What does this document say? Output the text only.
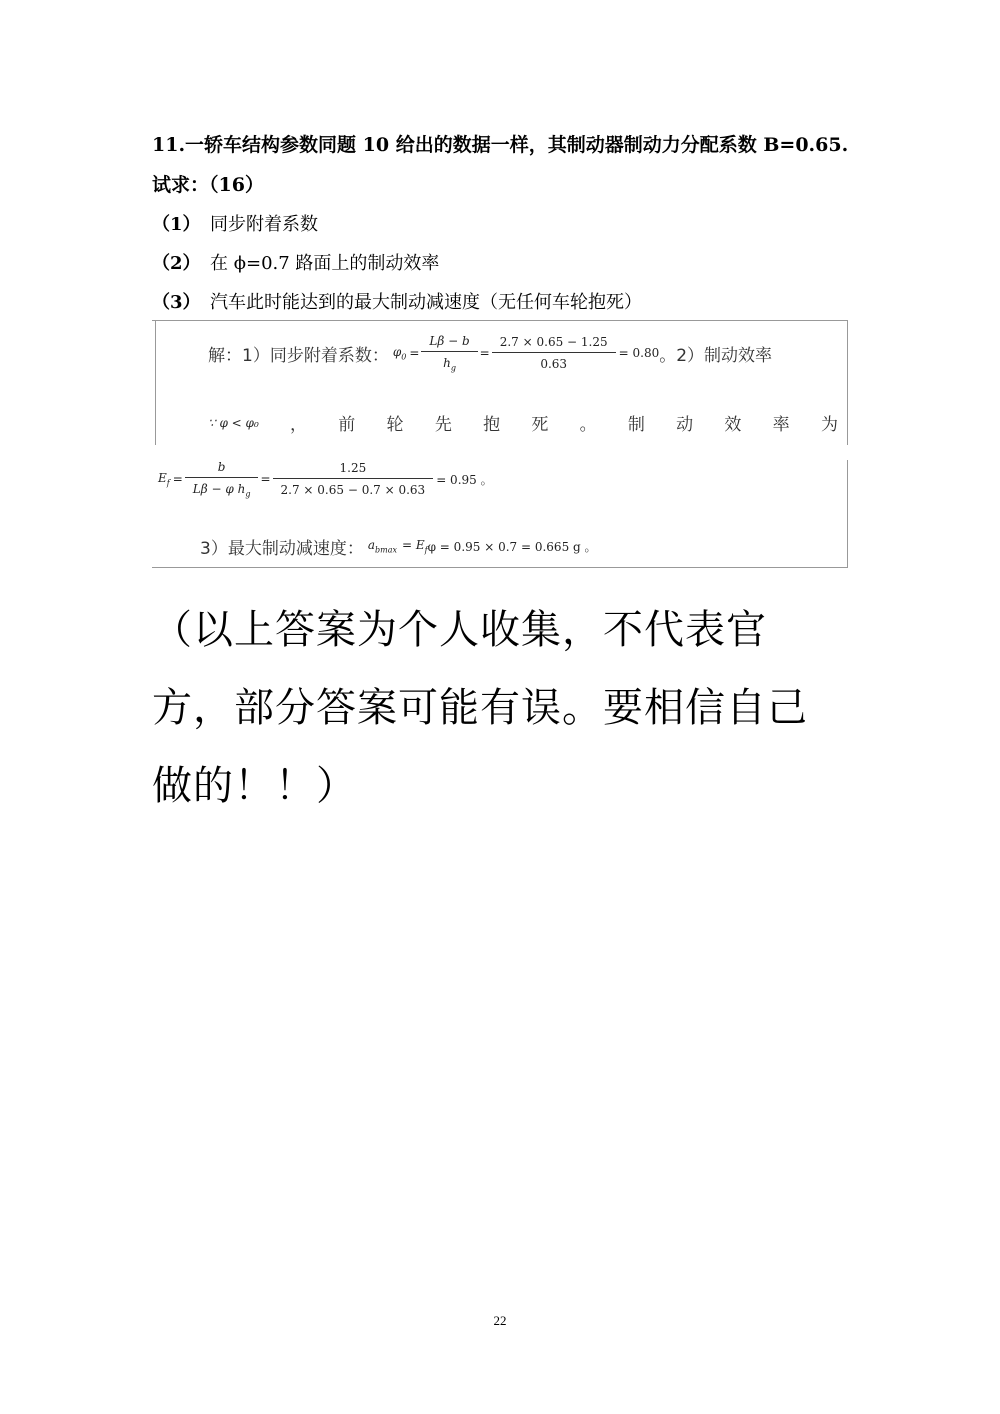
11.一轿车结构参数同题 10 给出的数据一样，其制动器制动力分配系数 B=0.65.
试求：（16）
（1） 同步附着系数
（2） 在 ϕ=0.7 路面上的制动效率
（3） 汽车此时能达到的最大制动减速度（无任何车轮抱死）
解：1）同步附着系数： $\varphi_0 = \frac{L\beta - b}{h_g} = \frac{2.7 \times 0.65 - 1.25}{0.63} = 0.80$ 。2）制动效率
∵ φ < φ₀ ， 前 轮 先 抱 死 。 制 动 效 率 为
$E_f = \frac{b}{L\beta - \varphi h_g} = \frac{1.25}{2.7 \times 0.65 - 0.7 \times 0.63} = 0.95$ 。
3）最大制动减速度： $a_{bmax} = E_f$ φ = 0.95 × 0.7 = 0.665 g 。
（以上答案为个人收集，不代表官
方，部分答案可能有误。要相信自己
做的！！）
22
